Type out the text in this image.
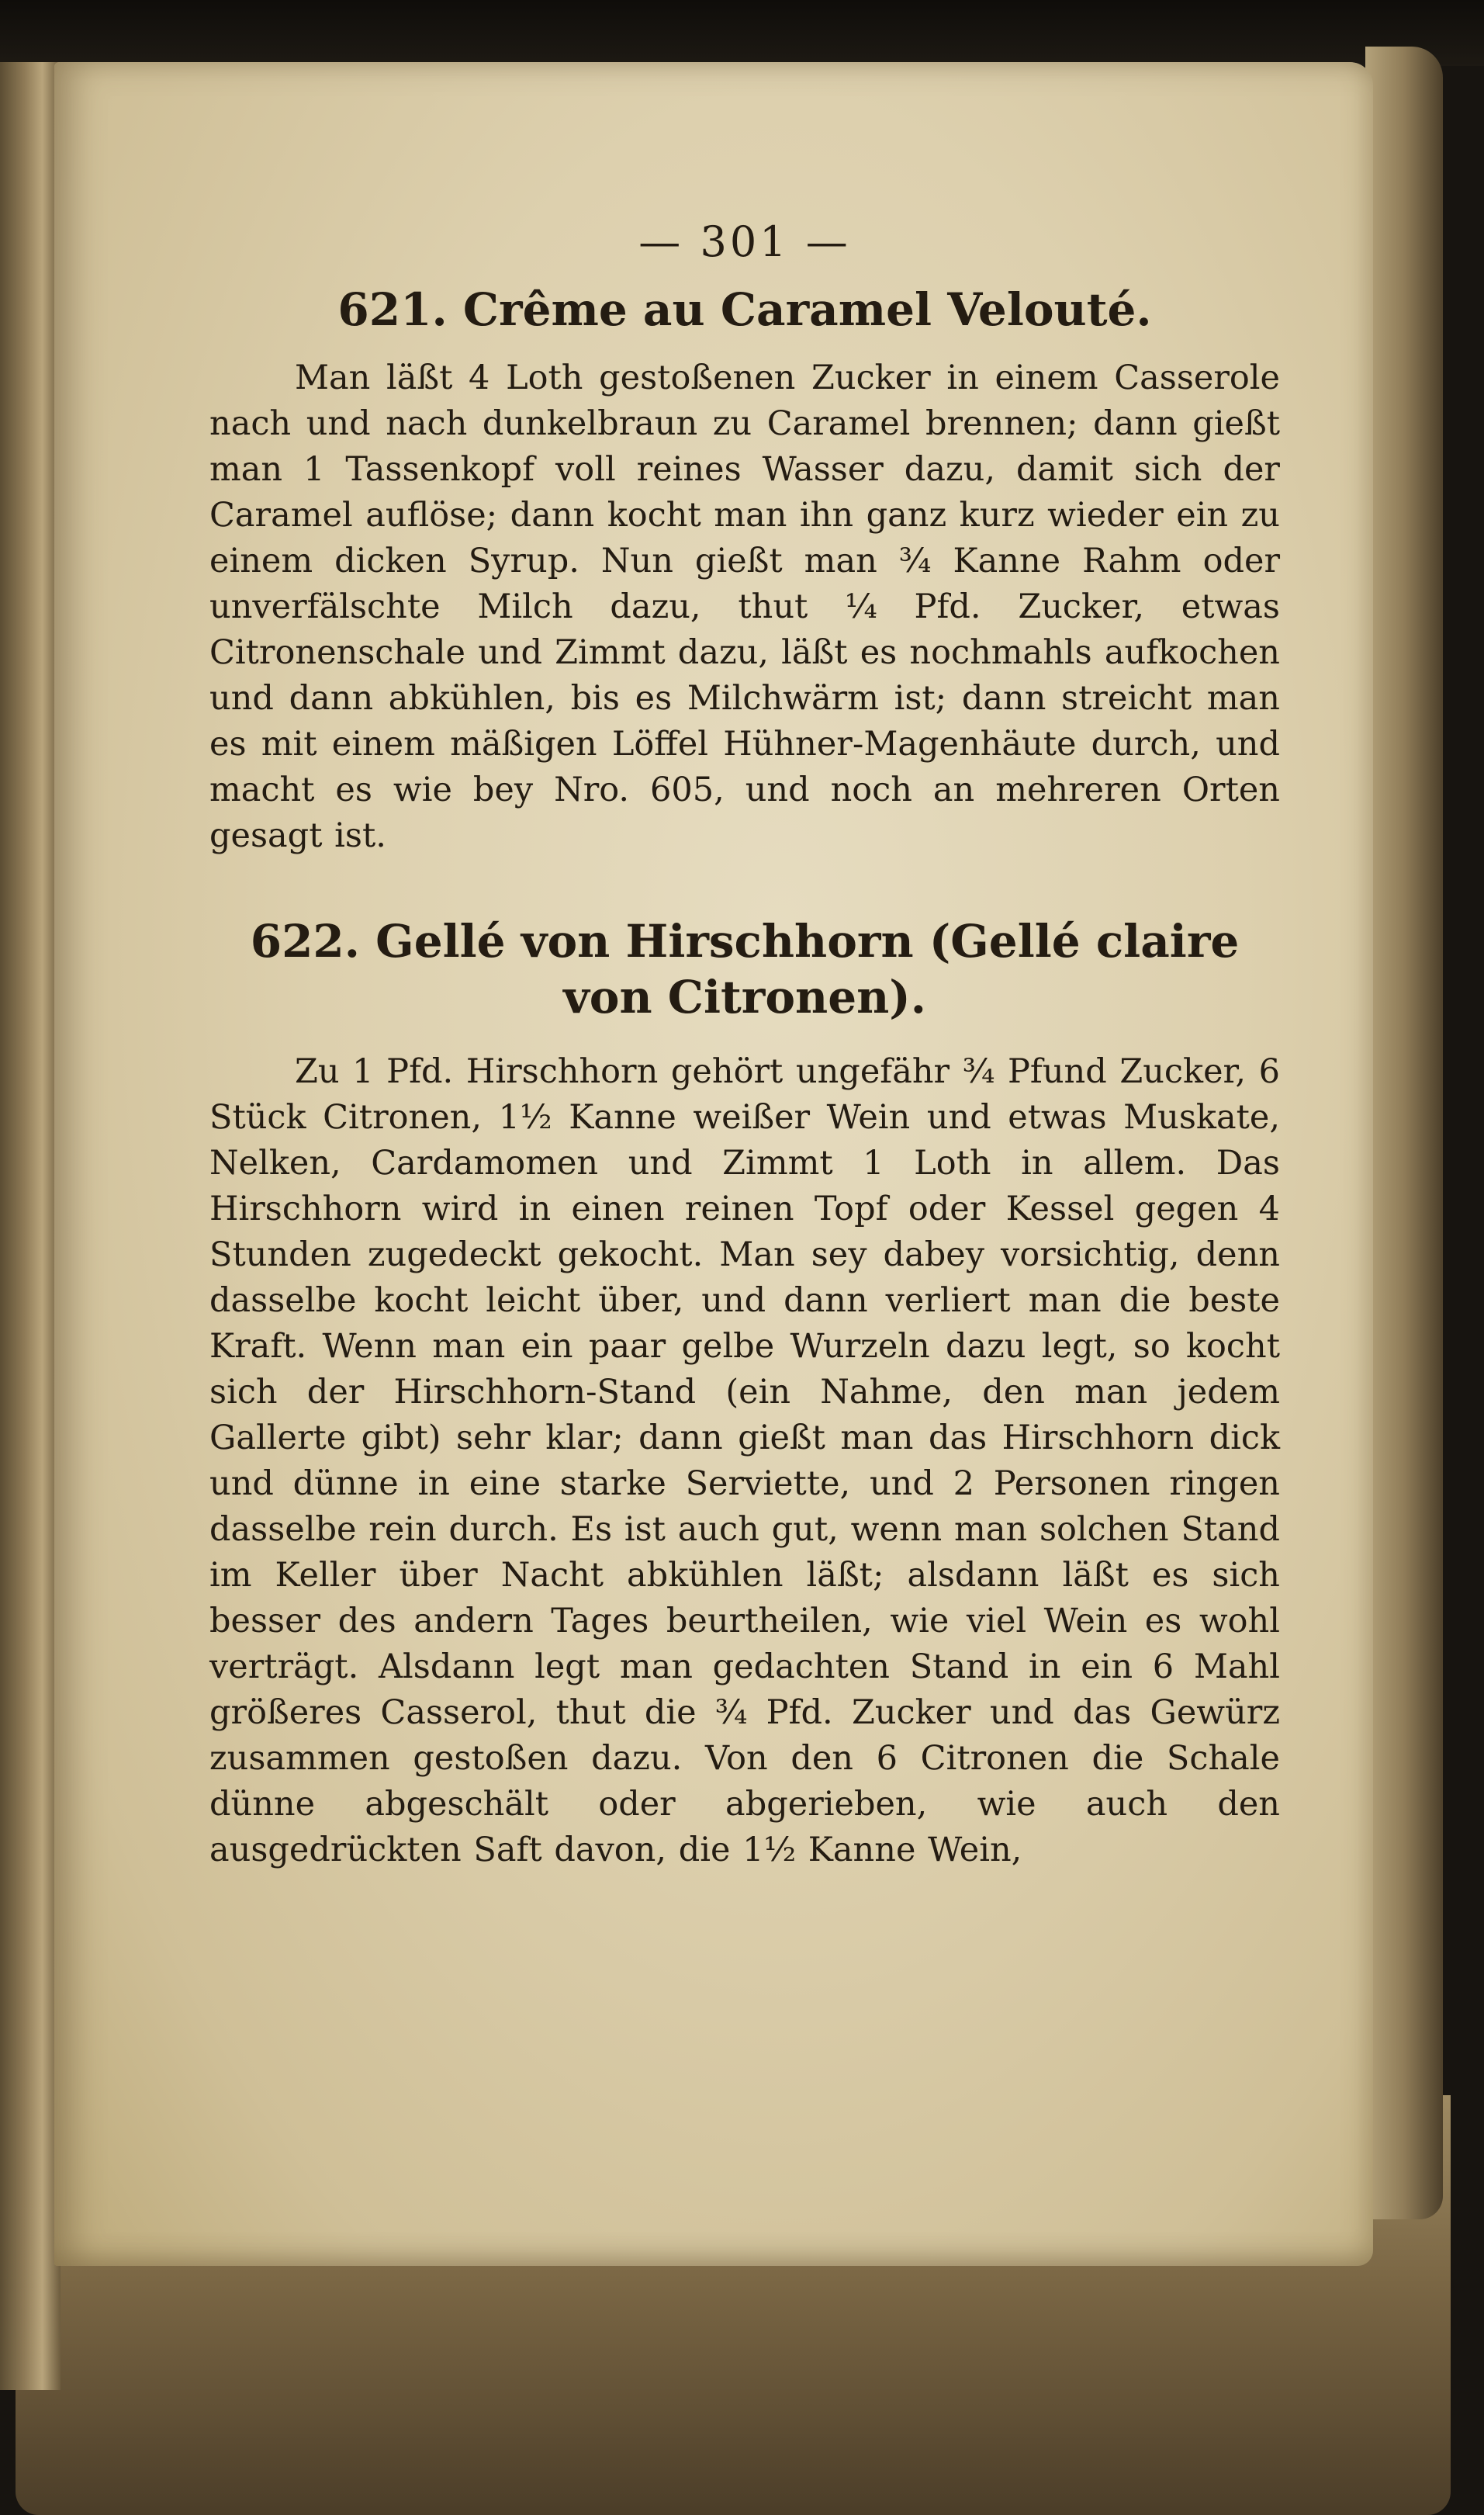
— 301 —
621. Crême au Caramel Velouté.

Man läßt 4 Loth gestoßenen Zucker in einem Casserole nach und nach dunkelbraun zu Caramel brennen; dann gießt man 1 Tassenkopf voll reines Wasser dazu, damit sich der Caramel auflöse; dann kocht man ihn ganz kurz wieder ein zu einem dicken Syrup. Nun gießt man ¾ Kanne Rahm oder unverfälschte Milch dazu, thut ¼ Pfd. Zucker, etwas Citronenschale und Zimmt dazu, läßt es nochmahls aufkochen und dann abkühlen, bis es Milchwärm ist; dann streicht man es mit einem mäßigen Löffel Hühner-Magenhäute durch, und macht es wie bey Nro. 605, und noch an mehreren Orten gesagt ist.

622. Gellé von Hirschhorn (Gellé claire von Citronen).

Zu 1 Pfd. Hirschhorn gehört ungefähr ¾ Pfund Zucker, 6 Stück Citronen, 1½ Kanne weißer Wein und etwas Muskate, Nelken, Cardamomen und Zimmt 1 Loth in allem. Das Hirschhorn wird in einen reinen Topf oder Kessel gegen 4 Stunden zugedeckt gekocht. Man sey dabey vorsichtig, denn dasselbe kocht leicht über, und dann verliert man die beste Kraft. Wenn man ein paar gelbe Wurzeln dazu legt, so kocht sich der Hirschhorn-Stand (ein Nahme, den man jedem Gallerte gibt) sehr klar; dann gießt man das Hirschhorn dick und dünne in eine starke Serviette, und 2 Personen ringen dasselbe rein durch. Es ist auch gut, wenn man solchen Stand im Keller über Nacht abkühlen läßt; alsdann läßt es sich besser des andern Tages beurtheilen, wie viel Wein es wohl verträgt. Alsdann legt man gedachten Stand in ein 6 Mahl größeres Casserol, thut die ¾ Pfd. Zucker und das Gewürz zusammen gestoßen dazu. Von den 6 Citronen die Schale dünne abgeschält oder abgerieben, wie auch den ausgedrückten Saft davon, die 1½ Kanne Wein,
